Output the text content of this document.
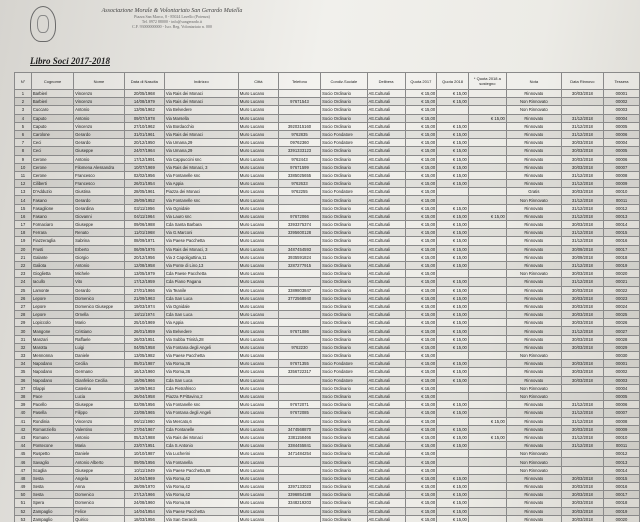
Associazione Morale & Volontariato San Gerardo Maiella
Piazza San Marco, 8 - 85024 Lavello (Potenza)
Tel. 0972 88000 - info@sangerardo.it
C.F. 93000000000 - Iscr. Reg. Volontariato n. 000
Libro Soci 2017-2018
N°	Cognome	Nome	Data di Nascita	Indirizzo	Città	Telefono	Condiz.Sociale	Delibera	Quota 2017	Quota 2018	* Quota 2018 a sostegno	Nota	Data Rinnovo	Tessera
1	Barbieri	Vincenzo	20/05/1968	Via Rais dei Monaci	Muro Lucano		Socio Ordinario	Att.Culturali	€ 15,00	€ 15,00		Rinnovato	30/03/2018	00001
2	Barbieri	Vincenzo	14/08/1979	Via Rais dei Monaci	Muro Lucano	97671543	Socio Ordinario	Att.Culturali	€ 15,00	€ 15,00		Non Rinnovato		00002
3	Cuccaro	Antonio	13/06/1962	Via Belvedere	Muro Lucano		Socio Ordinario	Att.Culturali	€ 15,00			Non Rinnovato		00003
4	Caputo	Antonio	09/07/1978	Via Marsella	Muro Lucano		Socio Ordinario	Att.Culturali	€ 15,00		€ 15,00	Rinnovato	31/12/2018	00004
5	Caputo	Vincenzo	27/10/1962	Via Bordacchio	Muro Lucano	3920315160	Socio Ordinario	Att.Culturali	€ 15,00	€ 15,00		Rinnovato	31/12/2018	00005
6	Carolone	Gerardo	31/01/1961	Via Rais dei Monaci	Muro Lucano	9762835	Socio Fondatore	Att.Culturali	€ 15,00	€ 15,00		Rinnovato	31/12/2018	00006
7	Ceci	Gerardo	20/12/1950	Via Umana,29	Muro Lucano	09762360	Socio Fondatore	Att.Culturali	€ 15,00	€ 15,00		Rinnovato	30/03/2018	00004
8	Ceci	Giuseppe	24/07/1964	Via Umana,29	Muro Lucano	3391333123	Socio Ordinario	Att.Culturali	€ 15,00	€ 15,00		Rinnovato	30/03/2018	00005
9	Cerone	Antonio	17/12/1991	Via Cappuccini snc	Muro Lucano	9762443	Socio Ordinario	Att.Culturali	€ 15,00	€ 15,00		Rinnovato	30/03/2018	00006
10	Cerone	Filomena Alessandra	10/07/1969	Via Rais dei Monaci, 3	Muro Lucano	97671599	Socio Ordinario	Att.Culturali	€ 15,00	€ 15,00		Rinnovato	30/03/2018	00007
11	Cerone	Francesco	02/02/1956	Via Fontanelle snc	Muro Lucano	3385025655	Socio Ordinario	Att.Culturali	€ 15,00	€ 15,00		Rinnovato	31/12/2018	00008
12	Ciliberti	Francesco	26/01/1954	Via Appia	Muro Lucano	9762633	Socio Ordinario	Att.Culturali	€ 15,00	€ 15,00		Rinnovato	31/12/2018	00009
13	D'Adduzio	Giustina	28/05/1961	Piazza dei Monaci	Muro Lucano	9762255	Socio Fondatore	Att.Culturali	€ 15,00			Gratis	30/03/2018	00010
14	Fasano	Gerardo	29/09/1952	Via Fontanelle snc	Muro Lucano		Socio Ordinario	Att.Culturali	€ 15,00			Non Rinnovato	31/12/2018	00011
15	Fasaglione	Gerardina	03/11/1956	Via Ognidale	Muro Lucano		Socio Ordinario	Att.Culturali	€ 15,00	€ 15,00		Rinnovato	31/12/2018	00012
16	Fasano	Giovanni	04/11/1964	Via Lauro snc	Muro Lucano	97672066	Socio Ordinario	Att.Culturali	€ 15,00	€ 15,00	€ 15,00	Rinnovato	31/12/2018	00013
17	Fornaciaro	Giuseppe	09/06/1988	Cda Santa Barbara	Muro Lucano	3393375374	Socio Ordinario	Att.Culturali	€ 15,00	€ 15,00		Rinnovato	30/03/2018	00014
18	Ferrara	Renato	11/01/1968	Via G.Marconi	Muro Lucano	3395600128	Socio Ordinario	Att.Culturali	€ 15,00	€ 15,00		Rinnovato	31/12/2018	00015
19	Fiazzeraglia	Sabrina	08/09/1971	Via Paese Pacchetta	Muro Lucano		Socio Ordinario	Att.Culturali	€ 15,00	€ 15,00		Rinnovato	31/12/2018	00016
20	Frusti	Erberto	06/09/1976	Via Rais dei Monaci, 3	Muro Lucano	3487454593	Socio Ordinario	Att.Culturali	€ 15,00	€ 15,00		Rinnovato	30/09/2018	00017
21	Galante	Giorgio	20/12/1956	Via 2 Capoliguttina,11	Muro Lucano	3935591824	Socio Ordinario	Att.Culturali	€ 15,00	€ 15,00		Rinnovato	30/09/2018	00018
22	Galiota	Antonio	12/08/1958	Via Ponte di Lino,13	Muro Lucano	3287277915	Socio Ordinario	Att.Culturali	€ 15,00	€ 15,00		Rinnovato	31/12/2018	00019
23	Gioglietta	Michele	13/05/1979	Cda Paese Pacchetta	Muro Lucano		Socio Ordinario	Att.Culturali	€ 15,00			Non Rinnovato	30/03/2018	00020
24	Iacullo	Vito	17/12/1959	Cda Piano Pagana	Muro Lucano		Socio Ordinario	Att.Culturali	€ 15,00	€ 15,00		Rinnovato	31/12/2018	00021
25	Lamonte	Gerardo	27/01/1966	Via Teanile	Muro Lucano	3389803847	Socio Ordinario	Att.Culturali	€ 15,00	€ 15,00		Rinnovato	30/03/2018	00022
26	Lepore	Domenico	21/09/1963	Cda San Luca	Muro Lucano	3772568940	Socio Ordinario	Att.Culturali	€ 15,00	€ 15,00		Rinnovato	30/03/2018	00023
27	Lepore	Domenico Giuseppe	19/03/1974	Via Ognidale	Muro Lucano		Socio Ordinario	Att.Culturali	€ 15,00	€ 15,00		Rinnovato	30/03/2018	00024
28	Lepore	Ornella	18/11/1974	Cda San Luca	Muro Lucano		Socio Ordinario	Att.Culturali	€ 15,00	€ 15,00		Rinnovato	30/03/2018	00025
29	Lopiccolo	Mario	25/10/1969	Via Appia	Muro Lucano		Socio Ordinario	Att.Culturali	€ 15,00	€ 15,00		Rinnovato	30/03/2018	00026
30	Mangone	Cristiano	26/01/1959	Via Belvedere	Muro Lucano	97671086	Socio Ordinario	Att.Culturali	€ 15,00	€ 15,00		Rinnovato	31/12/2018	00027
31	Manzari	Raffaele	26/03/1951	Via Subba Trinità,28	Muro Lucano		Socio Ordinario	Att.Culturali	€ 15,00	€ 15,00		Rinnovato	30/03/2018	00028
32	Marotta	Luigi	04/05/1958	Via Fontana degli Angeli	Muro Lucano	9762230	Socio Ordinario	Att.Culturali	€ 15,00	€ 15,00		Rinnovato	30/03/2018	00029
33	Mennonna	Daniele	13/05/1982	Via Paese Pacchetta	Muro Lucano		Socio Ordinario	Att.Culturali	€ 15,00			Non Rinnovato		00030
34	Napodano	Cecilia	05/01/1987	Via Roma,36	Muro Lucano	97671355	Socio Fondatore	Att.Culturali	€ 15,00	€ 15,00		Rinnovato	30/03/2018	00001
35	Napodano	Germano	16/12/1960	Via Roma,36	Muro Lucano	3356722317	Socio Fondatore	Att.Culturali	€ 15,00	€ 15,00		Rinnovato	30/03/2018	00002
36	Napodano	Gianfelice Cecilia	16/06/1966	Cda San Luca	Muro Lucano		Socio Fondatore	Att.Culturali	€ 15,00	€ 15,00		Rinnovato	30/03/2018	00003
37	Olappi	Caterina	19/09/1963	Cda Pietrafrisco	Muro Lucano		Socio Ordinario	Att.Culturali	€ 15,00			Non Rinnovato		00004
38	Pace	Lucia	26/04/1958	Piazza P.Pittavino,2	Muro Lucano		Socio Ordinario	Att.Culturali	€ 15,00			Non Rinnovato		00005
39	Pacello	Giuseppe	02/08/1956	Via Fontanelle snc	Muro Lucano	97672071	Socio Ordinario	Att.Culturali	€ 15,00	€ 15,00		Rinnovato	31/12/2018	00006
40	Pasella	Filippo	23/08/1965	Via Fontana degli Angeli	Muro Lucano	97672085	Socio Ordinario	Att.Culturali	€ 15,00	€ 15,00		Rinnovato	31/12/2018	00007
41	Rondinia	Vincenzo	06/11/1960	Via Mercato,6	Muro Lucano		Socio Ordinario	Att.Culturali	€ 15,00		€ 15,00	Rinnovato	31/12/2018	00008
42	Romanziello	Valentino	27/04/1967	Cda Fontanelle	Muro Lucano	3474568870	Socio Ordinario	Att.Culturali	€ 15,00	€ 15,00		Rinnovato	30/03/2018	00009
43	Romano	Antonio	05/12/1988	Via Rais dei Monaci	Muro Lucano	3381158466	Socio Ordinario	Att.Culturali	€ 15,00	€ 15,00	€ 15,00	Rinnovato	31/12/2018	00010
44	Pontecone	Maria	23/07/1951	Cda S.Antonio	Muro Lucano	3384455841	Socio Ordinario	Att.Culturali	€ 15,00	€ 15,00		Rinnovato	31/12/2018	00011
45	Ruspetto	Daniele	10/10/1987	Via Lucherini	Muro Lucano	3471484254	Socio Ordinario	Att.Culturali	€ 15,00			Non Rinnovato		00012
46	Savaglio	Antonio Alberto	09/05/1956	Via Fontanella	Muro Lucano		Socio Ordinario	Att.Culturali	€ 15,00			Non Rinnovato		00013
47	Scaglia	Giuseppe	10/11/1949	Via Paese Pacchetta,68	Muro Lucano		Socio Ordinario	Att.Culturali	€ 15,00			Non Rinnovato		00014
48	Sesta	Angela	24/04/1969	Via Roma,42	Muro Lucano		Socio Ordinario	Att.Culturali	€ 15,00	€ 15,00		Rinnovato	30/03/2018	00015
49	Sesta	Anna	28/09/1970	Via Roma,42	Muro Lucano	3397133023	Socio Ordinario	Att.Culturali	€ 15,00	€ 15,00		Rinnovato	30/03/2018	00016
50	Sesta	Domenico	27/12/1966	Via Roma,42	Muro Lucano	3396854188	Socio Ordinario	Att.Culturali	€ 15,00	€ 15,00		Rinnovato	30/03/2018	00017
51	Spera	Domenico	24/08/1960	Via Roma,56	Muro Lucano	3348219203	Socio Ordinario	Att.Culturali	€ 15,00	€ 15,00		Rinnovato	30/03/2018	00018
52	Zampaglio	Felice	14/04/1954	Via Paese Pacchetta	Muro Lucano		Socio Ordinario	Att.Culturali	€ 15,00	€ 15,00		Rinnovato	30/03/2018	00019
53	Zampaglio	Quirico	18/03/1956	Via San Gerardo	Muro Lucano		Socio Ordinario	Att.Culturali	€ 15,00	€ 15,00		Rinnovato	30/03/2018	00020
